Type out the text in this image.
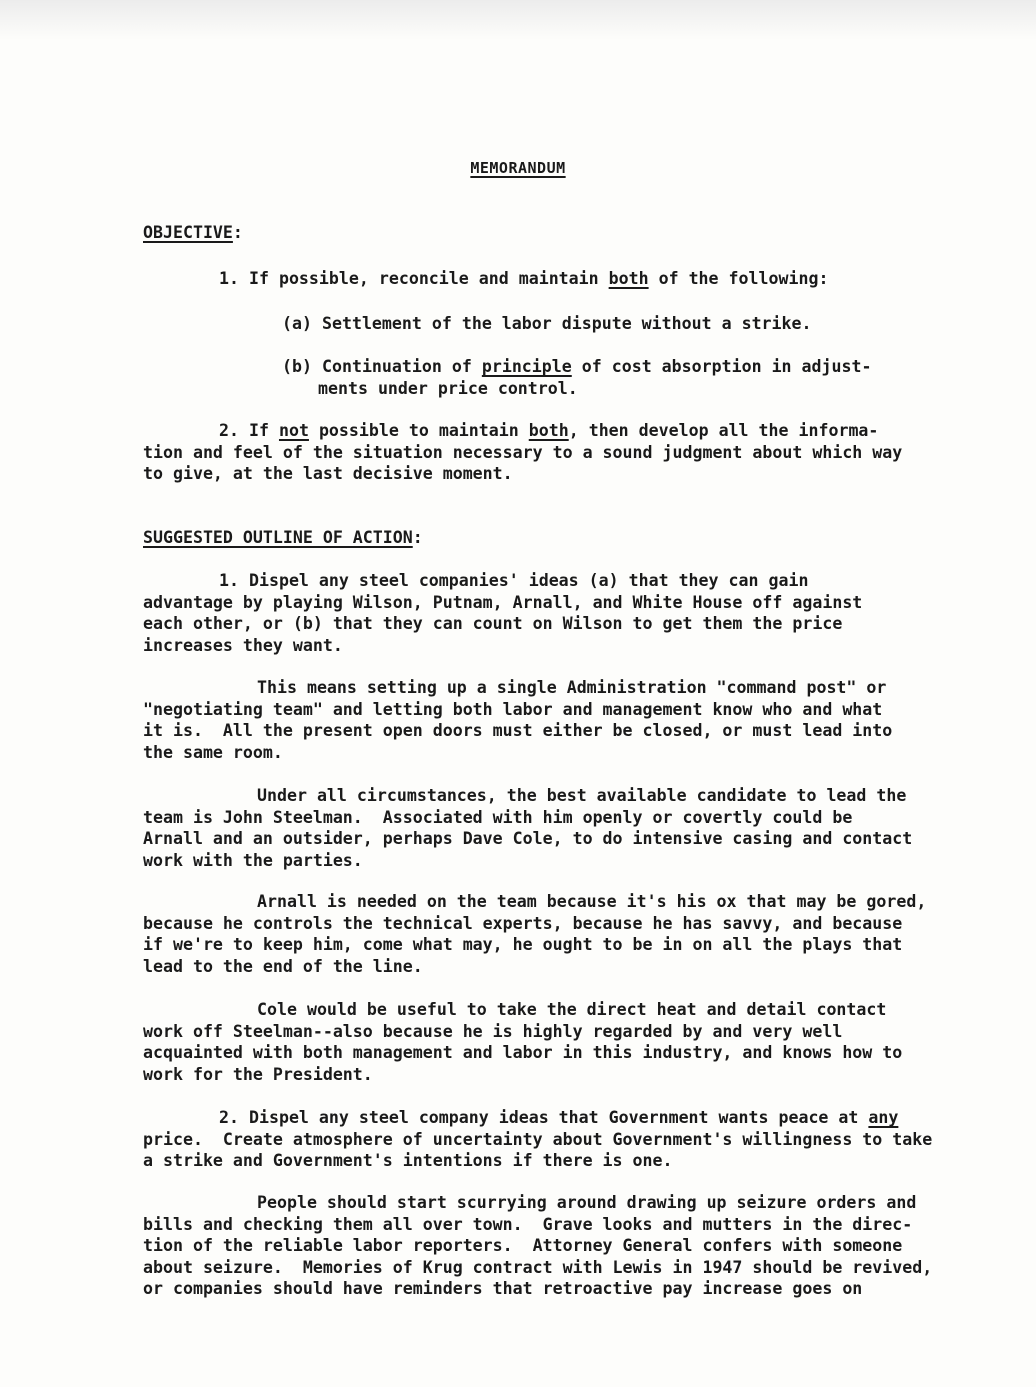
MEMORANDUM
OBJECTIVE:
1. If possible, reconcile and maintain both of the following:
(a) Settlement of the labor dispute without a strike.
(b) Continuation of principle of cost absorption in adjust-
ments under price control.
2. If not possible to maintain both, then develop all the informa-
tion and feel of the situation necessary to a sound judgment about which way
to give, at the last decisive moment.
SUGGESTED OUTLINE OF ACTION:
1. Dispel any steel companies' ideas (a) that they can gain
advantage by playing Wilson, Putnam, Arnall, and White House off against
each other, or (b) that they can count on Wilson to get them the price
increases they want.
This means setting up a single Administration "command post" or
"negotiating team" and letting both labor and management know who and what
it is.  All the present open doors must either be closed, or must lead into
the same room.
Under all circumstances, the best available candidate to lead the
team is John Steelman.  Associated with him openly or covertly could be
Arnall and an outsider, perhaps Dave Cole, to do intensive casing and contact
work with the parties.
Arnall is needed on the team because it's his ox that may be gored,
because he controls the technical experts, because he has savvy, and because
if we're to keep him, come what may, he ought to be in on all the plays that
lead to the end of the line.
Cole would be useful to take the direct heat and detail contact
work off Steelman--also because he is highly regarded by and very well
acquainted with both management and labor in this industry, and knows how to
work for the President.
2. Dispel any steel company ideas that Government wants peace at any
price.  Create atmosphere of uncertainty about Government's willingness to take
a strike and Government's intentions if there is one.
People should start scurrying around drawing up seizure orders and
bills and checking them all over town.  Grave looks and mutters in the direc-
tion of the reliable labor reporters.  Attorney General confers with someone
about seizure.  Memories of Krug contract with Lewis in 1947 should be revived,
or companies should have reminders that retroactive pay increase goes on
